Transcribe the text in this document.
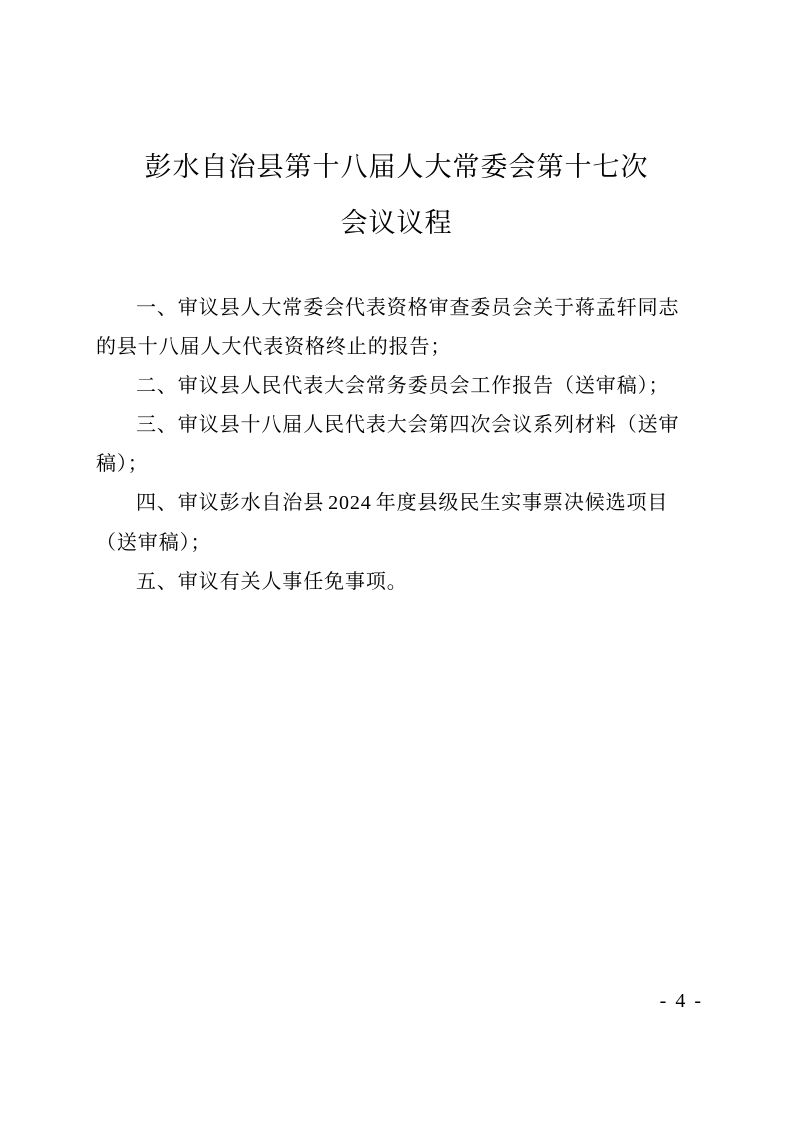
彭水自治县第十八届人大常委会第十七次
会议议程

一、审议县人大常委会代表资格审查委员会关于蒋孟轩同志的县十八届人大代表资格终止的报告；

二、审议县人民代表大会常务委员会工作报告（送审稿）；

三、审议县十八届人民代表大会第四次会议系列材料（送审稿）；

四、审议彭水自治县 2024 年度县级民生实事票决候选项目（送审稿）；

五、审议有关人事任免事项。

- 4 -
